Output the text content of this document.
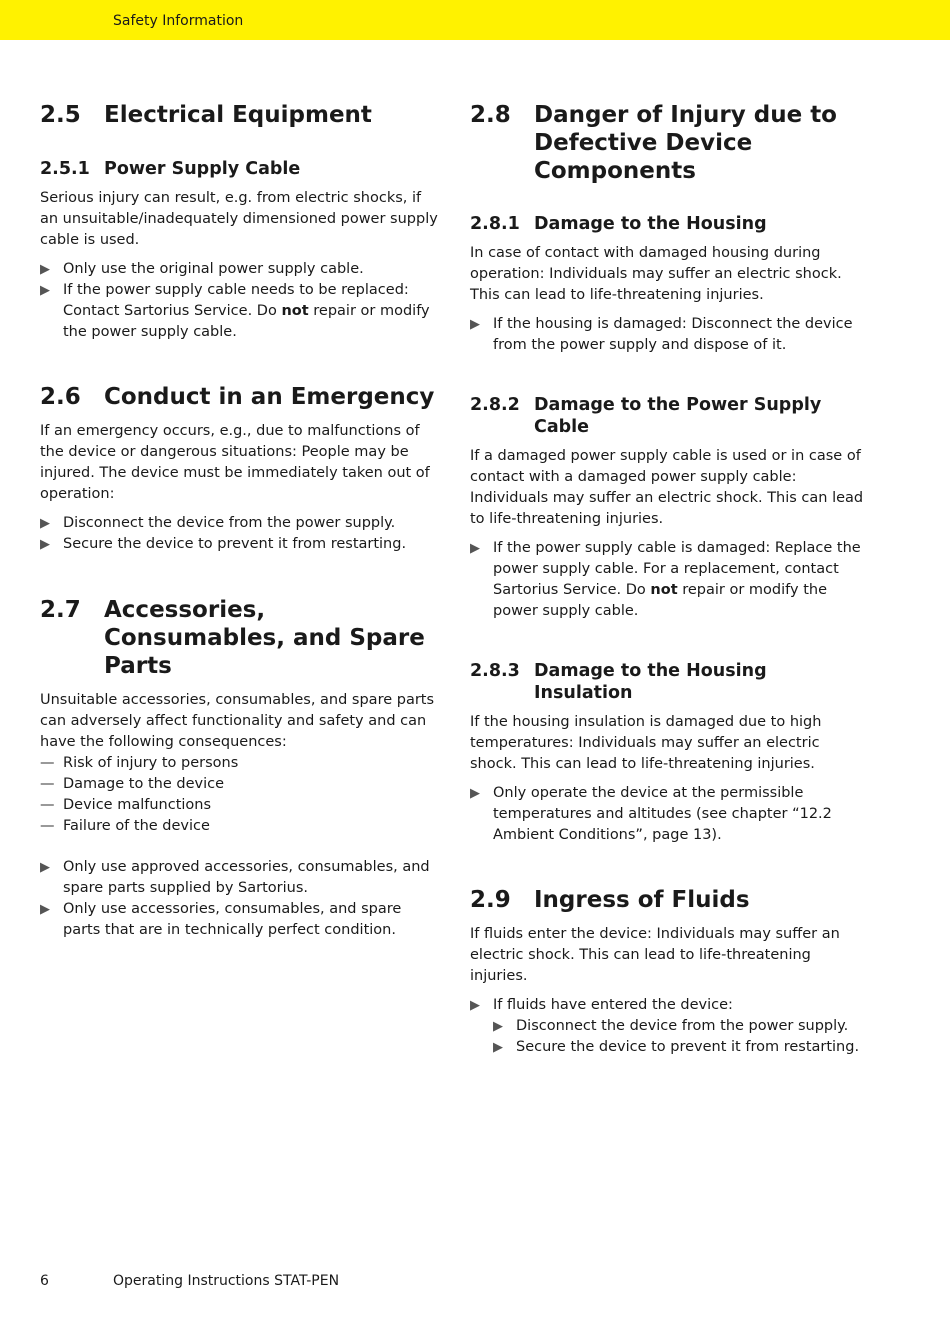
Safety Information
2.5	Electrical Equipment
2.5.1 Power Supply Cable

Serious injury can result, e.g. from electric shocks, if an unsuitable/inadequately dimensioned power supply cable is used.

▶ Only use the original power supply cable.
▶ If the power supply cable needs to be replaced: Contact Sartorius Service. Do not repair or modify the power supply cable.
2.6	Conduct in an Emergency

If an emergency occurs, e.g., due to malfunctions of the device or dangerous situations: People may be injured. The device must be immediately taken out of operation:

▶ Disconnect the device from the power supply.
▶ Secure the device to prevent it from restarting.
2.7	Accessories, Consumables, and Spare Parts

Unsuitable accessories, consumables, and spare parts can adversely affect functionality and safety and can have the following consequences:

— Risk of injury to persons
— Damage to the device
— Device malfunctions
— Failure of the device
▶ Only use approved accessories, consumables, and spare parts supplied by Sartorius.
▶ Only use accessories, consumables, and spare parts that are in technically perfect condition.
2.8	Danger of Injury due to Defective Device Components
2.8.1 Damage to the Housing

In case of contact with damaged housing during operation: Individuals may suffer an electric shock. This can lead to life-threatening injuries.

▶ If the housing is damaged: Disconnect the device from the power supply and dispose of it.
2.8.2 Damage to the Power Supply Cable

If a damaged power supply cable is used or in case of contact with a damaged power supply cable: Individuals may suffer an electric shock. This can lead to life-threatening injuries.

▶ If the power supply cable is damaged: Replace the power supply cable. For a replacement, contact Sartorius Service. Do not repair or modify the power supply cable.
2.8.3 Damage to the Housing Insulation

If the housing insulation is damaged due to high temperatures: Individuals may suffer an electric shock. This can lead to life-threatening injuries.

▶ Only operate the device at the permissible temperatures and altitudes (see chapter “12.2 Ambient Conditions”, page 13).
2.9	Ingress of Fluids

If fluids enter the device: Individuals may suffer an electric shock. This can lead to life-threatening injuries.

▶ If fluids have entered the device:
▶ Disconnect the device from the power supply.
▶ Secure the device to prevent it from restarting.
6	Operating Instructions STAT-PEN
